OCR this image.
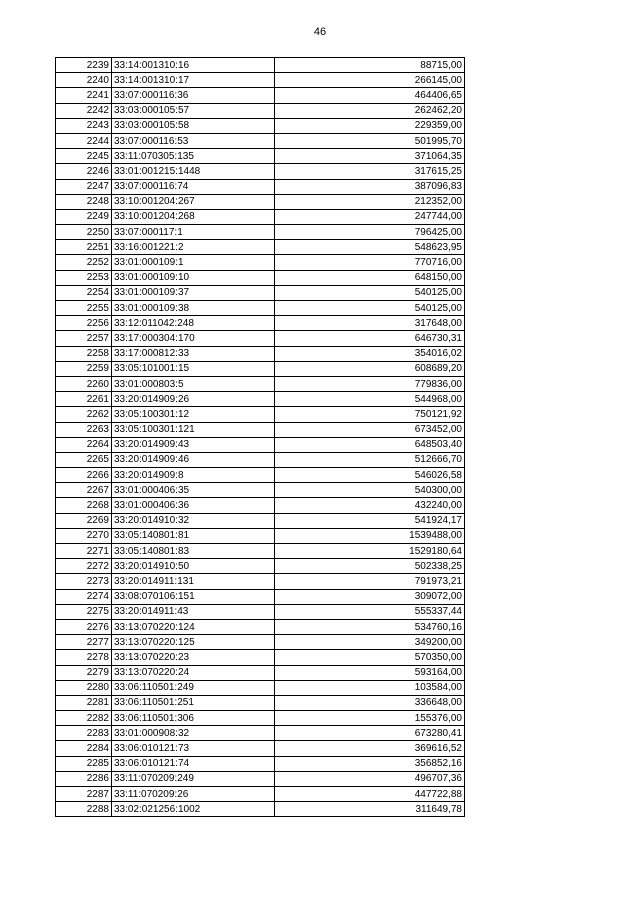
46
2239	33:14:001310:16	88715,00
2240	33:14:001310:17	266145,00
2241	33:07:000116:36	464406,65
2242	33:03:000105:57	262462,20
2243	33:03:000105:58	229359,00
2244	33:07:000116:53	501995,70
2245	33:11:070305:135	371064,35
2246	33:01:001215:1448	317615,25
2247	33:07:000116:74	387096,83
2248	33:10:001204:267	212352,00
2249	33:10:001204:268	247744,00
2250	33:07:000117:1	796425,00
2251	33:16:001221:2	548623,95
2252	33:01:000109:1	770716,00
2253	33:01:000109:10	648150,00
2254	33:01:000109:37	540125,00
2255	33:01:000109:38	540125,00
2256	33:12:011042:248	317648,00
2257	33:17:000304:170	646730,31
2258	33:17:000812:33	354016,02
2259	33:05:101001:15	608689,20
2260	33:01:000803:5	779836,00
2261	33:20:014909:26	544968,00
2262	33:05:100301:12	750121,92
2263	33:05:100301:121	673452,00
2264	33:20:014909:43	648503,40
2265	33:20:014909:46	512666,70
2266	33:20:014909:8	546026,58
2267	33:01:000406:35	540300,00
2268	33:01:000406:36	432240,00
2269	33:20:014910:32	541924,17
2270	33:05:140801:81	1539488,00
2271	33:05:140801:83	1529180,64
2272	33:20:014910:50	502338,25
2273	33:20:014911:131	791973,21
2274	33:08:070106:151	309072,00
2275	33:20:014911:43	555337,44
2276	33:13:070220:124	534760,16
2277	33:13:070220:125	349200,00
2278	33:13:070220:23	570350,00
2279	33:13:070220:24	593164,00
2280	33:06:110501:249	103584,00
2281	33:06:110501:251	336648,00
2282	33:06:110501:306	155376,00
2283	33:01:000908:32	673280,41
2284	33:06:010121:73	369616,52
2285	33:06:010121:74	356852,16
2286	33:11:070209:249	496707,36
2287	33:11:070209:26	447722,88
2288	33:02:021256:1002	311649,78
